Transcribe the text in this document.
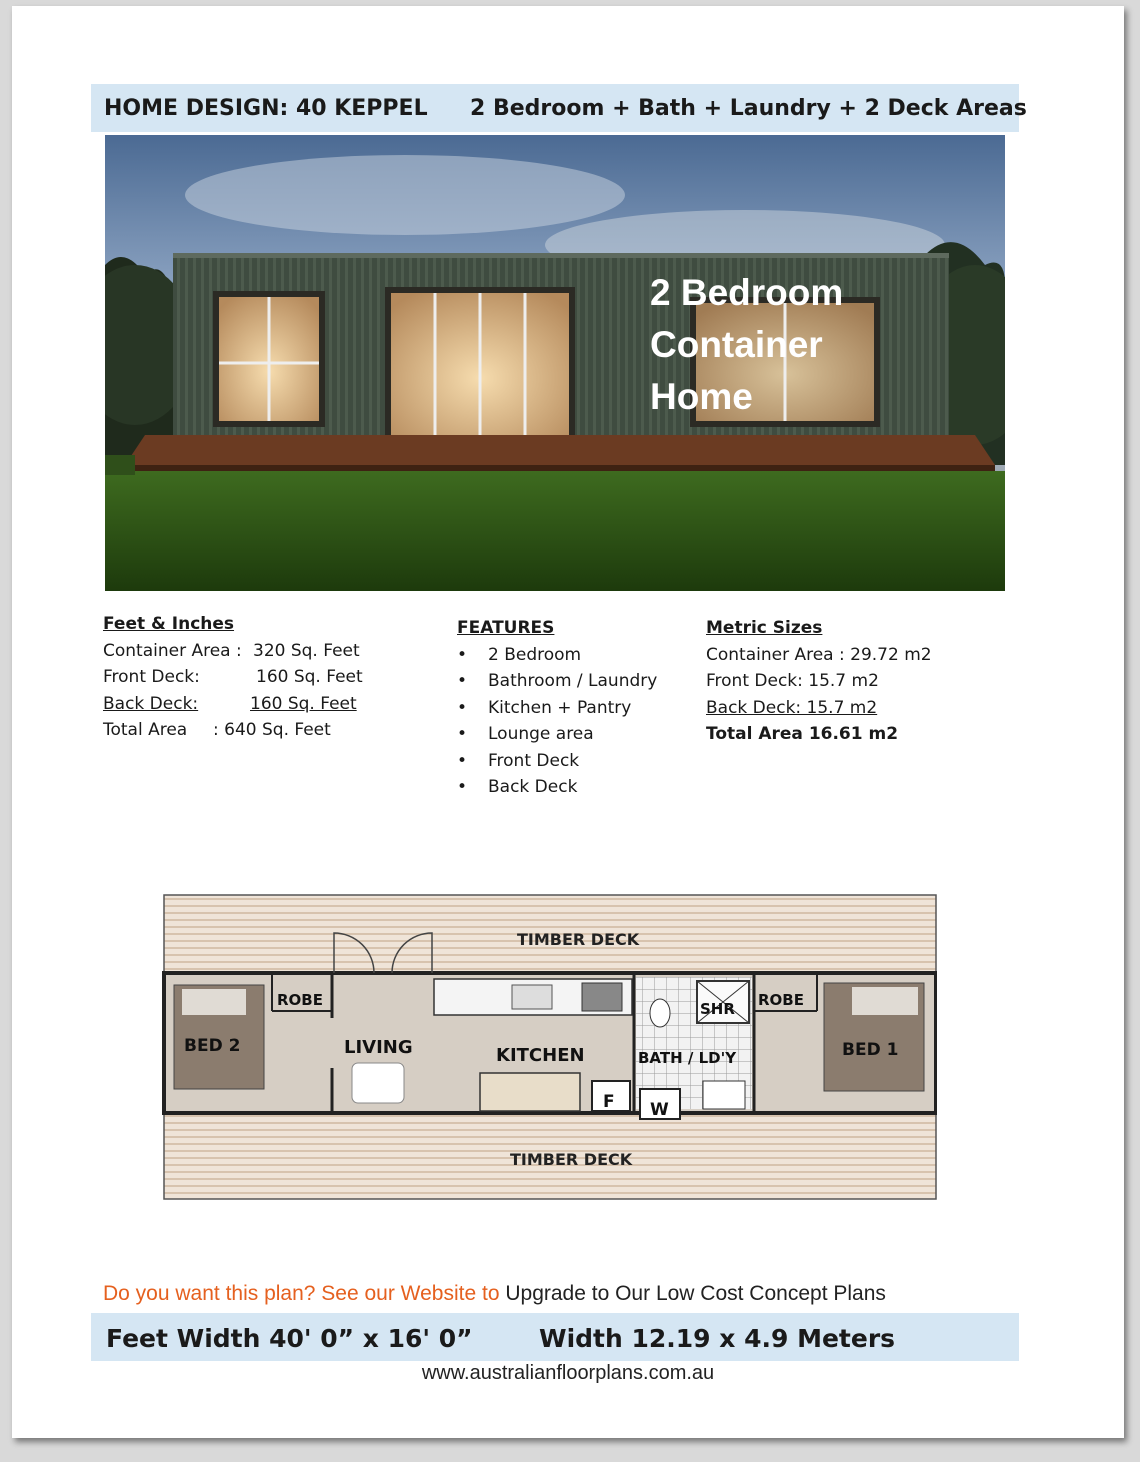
HOME DESIGN: 40 KEPPEL 2 Bedroom + Bath + Laundry + 2 Deck Areas
2 Bedroom
Container
Home
Feet & Inches
Container Area : 320 Sq. Feet
Front Deck:	160 Sq. Feet
Back Deck:	160 Sq. Feet
Total Area : 640 Sq. Feet
FEATURES
• 2 Bedroom
• Bathroom / Laundry
• Kitchen + Pantry
• Lounge area
• Front Deck
• Back Deck
Metric Sizes
Container Area : 29.72 m2
Front Deck: 15.7 m2
Back Deck: 15.7 m2
Total Area 16.61 m2
TIMBER DECK
TIMBER DECK
BED 2
ROBE
LIVING	KITCHEN
F W
BATH / LD'Y
SHR ROBE
BED 1
Do you want this plan? See our Website to Upgrade to Our Low Cost Concept Plans
Feet Width 40' 0” x 16' 0”	Width 12.19 x 4.9 Meters
www.australianfloorplans.com.au
